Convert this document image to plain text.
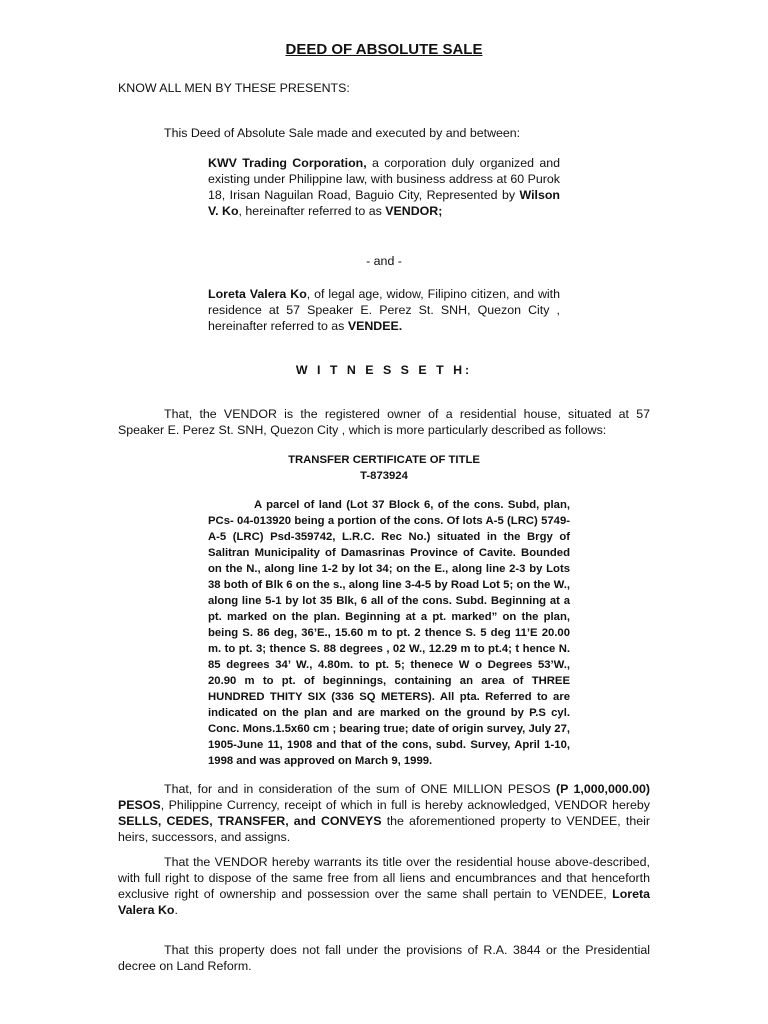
DEED OF ABSOLUTE SALE

KNOW ALL MEN BY THESE PRESENTS:

This Deed of Absolute Sale made and executed by and between:

KWV Trading Corporation, a corporation duly organized and existing under Philippine law, with business address at 60 Purok 18, Irisan Naguilan Road, Baguio City, Represented by Wilson V. Ko, hereinafter referred to as VENDOR;

- and -

Loreta Valera Ko, of legal age, widow, Filipino citizen, and with residence at 57 Speaker E. Perez St. SNH, Quezon City , hereinafter referred to as VENDEE.

W I T N E S S E T H:

That, the VENDOR is the registered owner of a residential house, situated at 57 Speaker E. Perez St. SNH, Quezon City , which is more particularly described as follows:

TRANSFER CERTIFICATE OF TITLE

T-873924

A parcel of land (Lot 37 Block 6, of the cons. Subd, plan, PCs- 04-013920 being a portion of the cons. Of lots A-5 (LRC) 5749-A-5 (LRC) Psd-359742, L.R.C. Rec No.) situated in the Brgy of Salitran Municipality of Damasrinas Province of Cavite. Bounded on the N., along line 1-2 by lot 34; on the E., along line 2-3 by Lots 38 both of Blk 6 on the s., along line 3-4-5 by Road Lot 5; on the W., along line 5-1 by lot 35 Blk, 6 all of the cons. Subd. Beginning at a pt. marked on the plan. Beginning at a pt. marked” on the plan, being S. 86 deg, 36’E., 15.60 m to pt. 2 thence S. 5 deg 11’E 20.00 m. to pt. 3; thence S. 88 degrees , 02 W., 12.29 m to pt.4; t hence N. 85 degrees 34’ W., 4.80m. to pt. 5; thenece W o Degrees 53’W., 20.90 m to pt. of beginnings, containing an area of THREE HUNDRED THITY SIX (336 SQ METERS). All pta. Referred to are indicated on the plan and are marked on the ground by P.S cyl. Conc. Mons.1.5x60 cm ; bearing true; date of origin survey, July 27, 1905-June 11, 1908 and that of the cons, subd. Survey, April 1-10, 1998 and was approved on March 9, 1999.

That, for and in consideration of the sum of ONE MILLION PESOS (P 1,000,000.00) PESOS, Philippine Currency, receipt of which in full is hereby acknowledged, VENDOR hereby SELLS, CEDES, TRANSFER, and CONVEYS the aforementioned property to VENDEE, their heirs, successors, and assigns.

That the VENDOR hereby warrants its title over the residential house above-described, with full right to dispose of the same free from all liens and encumbrances and that henceforth exclusive right of ownership and possession over the same shall pertain to VENDEE, Loreta Valera Ko.

That this property does not fall under the provisions of R.A. 3844 or the Presidential decree on Land Reform.
